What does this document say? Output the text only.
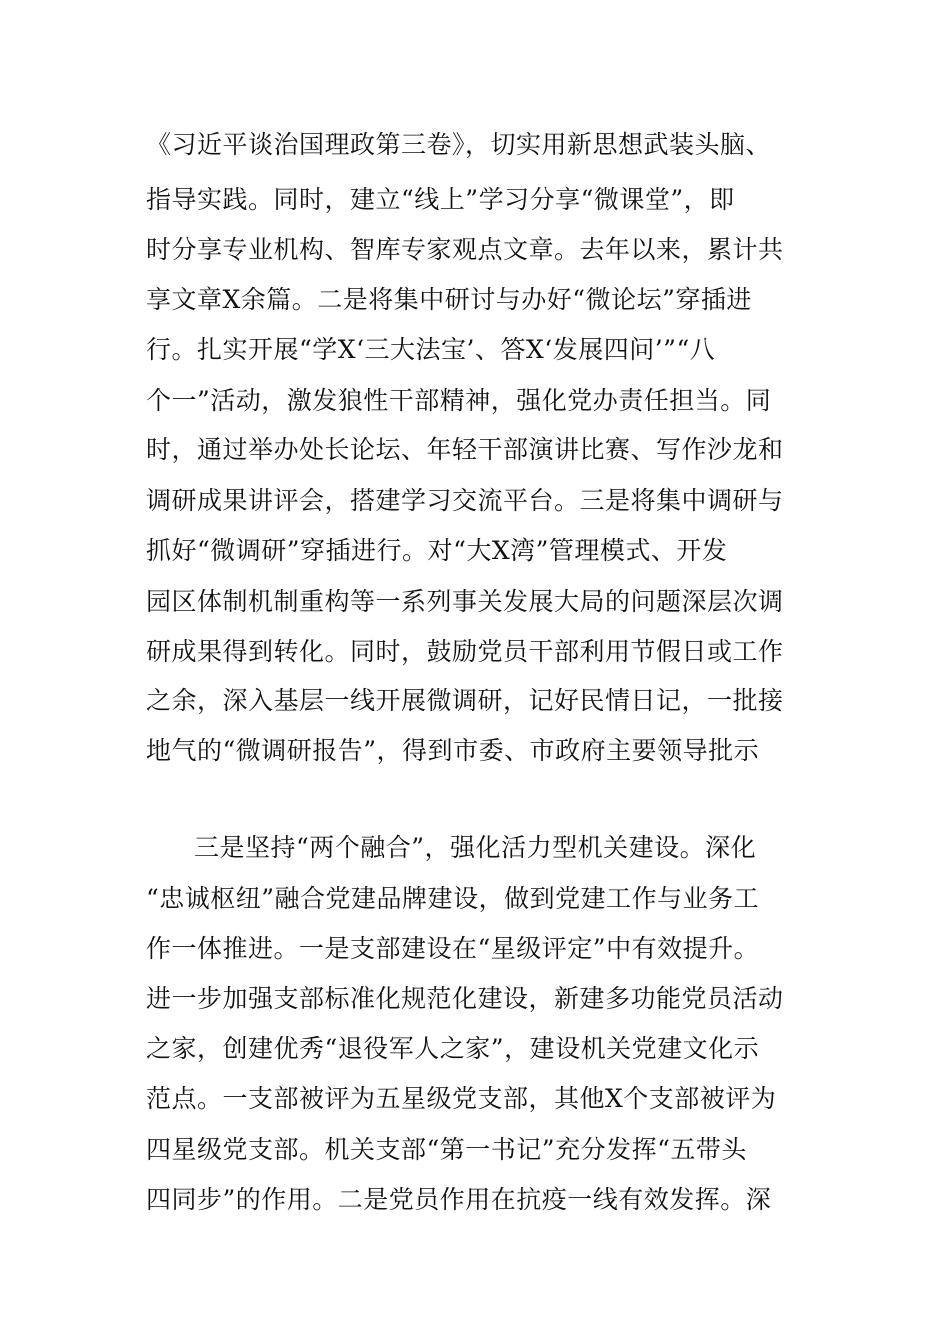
《习近平谈治国理政第三卷》，切实用新思想武装头脑、
指导实践。同时，建立“线上”学习分享“微课堂”，即
时分享专业机构、智库专家观点文章。去年以来，累计共
享文章X余篇。二是将集中研讨与办好“微论坛”穿插进
行。扎实开展“学X‘三大法宝’、答X‘发展四问’”“八
个一”活动，激发狼性干部精神，强化党办责任担当。同
时，通过举办处长论坛、年轻干部演讲比赛、写作沙龙和
调研成果讲评会，搭建学习交流平台。三是将集中调研与
抓好“微调研”穿插进行。对“大X湾”管理模式、开发
园区体制机制重构等一系列事关发展大局的问题深层次调
研成果得到转化。同时，鼓励党员干部利用节假日或工作
之余，深入基层一线开展微调研，记好民情日记，一批接
地气的“微调研报告”，得到市委、市政府主要领导批示
三是坚持“两个融合”，强化活力型机关建设。深化
“忠诚枢纽”融合党建品牌建设，做到党建工作与业务工
作一体推进。一是支部建设在“星级评定”中有效提升。
进一步加强支部标准化规范化建设，新建多功能党员活动
之家，创建优秀“退役军人之家”，建设机关党建文化示
范点。一支部被评为五星级党支部，其他X个支部被评为
四星级党支部。机关支部“第一书记”充分发挥“五带头
四同步”的作用。二是党员作用在抗疫一线有效发挥。深
